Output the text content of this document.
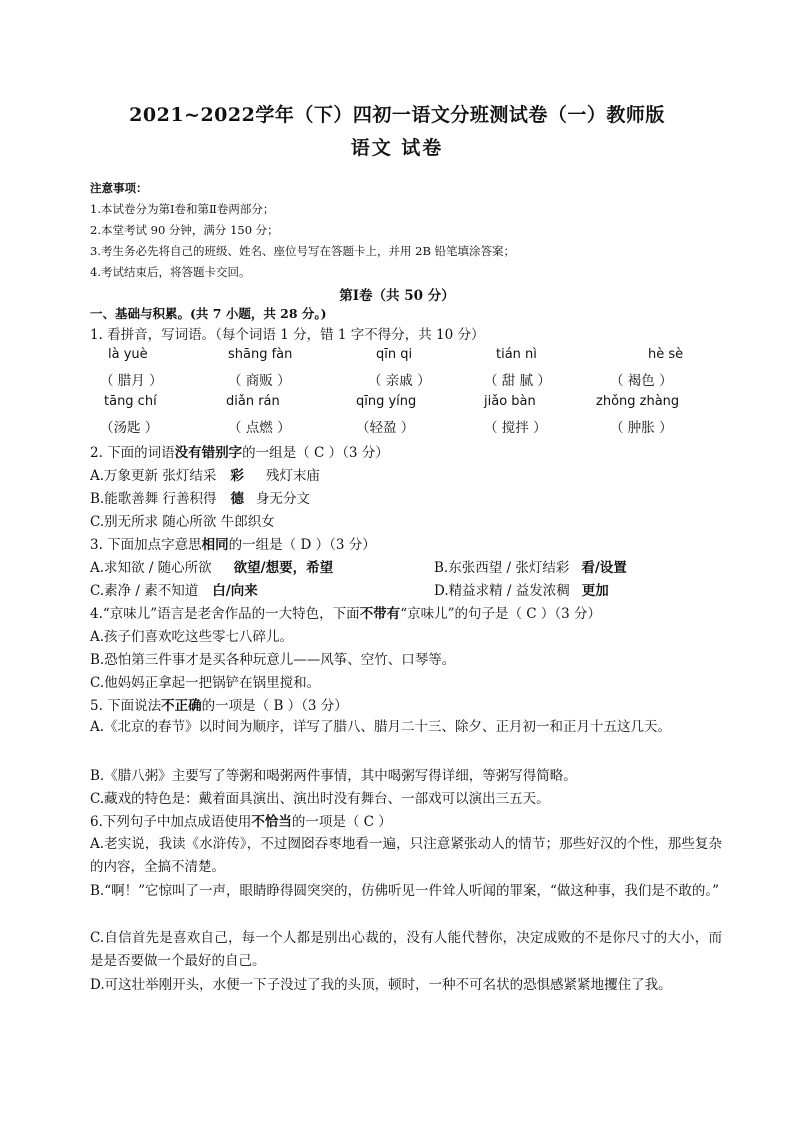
2021~2022学年（下）四初一语文分班测试卷（一）教师版
语文 试卷
注意事项：
1.本试卷分为第Ⅰ卷和第Ⅱ卷两部分；
2.本堂考试 90 分钟，满分 150 分；
3.考生务必先将自己的班级、姓名、座位号写在答题卡上，并用 2B 铅笔填涂答案；
4.考试结束后，将答题卡交回。
第Ⅰ卷（共 50 分）
一、基础与积累。(共 7 小题，共 28 分。)
1. 看拼音，写词语。（每个词语 1 分，错 1 字不得分，共 10 分）
là yuè	shāng fàn	qīn qi	tián nì	hè sè
（ 腊月 ）	（ 商贩 ）	（ 亲戚 ）	（ 甜 腻 ）	（ 褐色 ）
tāng chí	diǎn rán	qīng yíng	jiǎo bàn	zhǒng zhàng
（汤匙 ）	（ 点燃 ）	（轻盈 ）	（ 搅拌 ）	（ 肿胀 ）
2. 下面的词语没有错别字的一组是（ C ）（3 分）
A.万象更新 张灯结采 彩 残灯末庙
B.能歌善舞 行善积得 德 身无分文
C.别无所求 随心所欲 牛郎织女
3. 下面加点字意思相同的一组是（ D ）（3 分）
A.求知欲 / 随心所欲 欲望/想要，希望	B.东张西望 / 张灯结彩 看/设置
C.素净 / 素不知道 白/向来	D.精益求精 / 益发浓稠 更加
4.“京味儿”语言是老舍作品的一大特色，下面不带有“京味儿”的句子是（ C ）（3 分）
A.孩子们喜欢吃这些零七八碎儿。
B.恐怕第三件事才是买各种玩意儿——风筝、空竹、口琴等。
C.他妈妈正拿起一把锅铲在锅里搅和。
5. 下面说法不正确的一项是（ B ）（3 分）
A.《北京的春节》以时间为顺序，详写了腊八、腊月二十三、除夕、正月初一和正月十五这几天。
B.《腊八粥》主要写了等粥和喝粥两件事情，其中喝粥写得详细，等粥写得简略。
C.藏戏的特色是：戴着面具演出、演出时没有舞台、一部戏可以演出三五天。
6.下列句子中加点成语使用不恰当的一项是（ C ）
A.老实说，我读《水浒传》，不过囫囵吞枣地看一遍，只注意紧张动人的情节；那些好汉的个性，那些复杂的内容，全搞不清楚。
B.“啊！”它惊叫了一声，眼睛睁得圆突突的，仿佛听见一件耸人听闻的罪案，“做这种事，我们是不敢的。”
C.自信首先是喜欢自己，每一个人都是别出心裁的，没有人能代替你，决定成败的不是你尺寸的大小，而是是否要做一个最好的自己。
D.可这壮举刚开头，水便一下子没过了我的头顶，顿时，一种不可名状的恐惧感紧紧地攫住了我。
